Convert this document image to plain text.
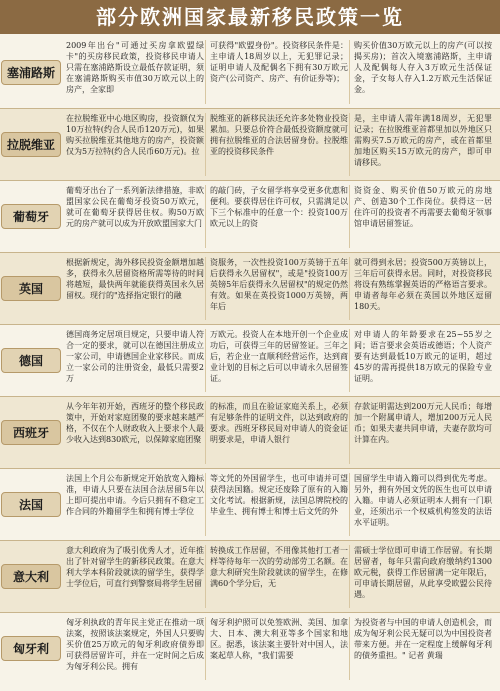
部分欧洲国家最新移民政策一览
塞浦路斯
2009年出台"可通过买房拿欧盟绿卡"的买房移民政策，投资移民申请人只需在塞浦路斯设立最低存款证明，须在塞浦路斯购买市值30万欧元以上的房产，全家即
可获得"欧盟身份"。投资移民条件是：主申请人18周岁以上，无犯罪记录；证明申请人及配偶名下拥有30万欧元资产(公司资产、房产、有价证券等)；
购买价值30万欧元以上的房产(可以按揭买房)；首次入境塞浦路斯，主申请人及配偶每人存入3万欧元生活保证金，子女每人存入1.2万欧元生活保证金。
拉脱维亚
在拉脱维亚中心地区购房，投资额仅为10万拉特(约合人民币120万元)，如果购买拉脱维亚其他地方的房产，投资额仅为5万拉特(约合人民币60万元)。拉
脱维亚的新移民法还允许多处物业投资累加。只要总价符合最低投资额度就可拥有拉脱维亚的合法居留身份。拉脱维亚的投资移民条件
是，主申请人需年满18周岁，无犯罪记录；在拉脱维亚首都里加以外地区只需购买7.5万欧元的房产，或在首都里加地区购买15万欧元的房产，即可申请移民。
葡萄牙
葡萄牙出台了一系列新法律措施，非欧盟国家公民在葡萄牙投资50万欧元，就可在葡萄牙获得居住权。购50万欧元的房产就可以成为开放欧盟国家大门
的敲门砖，子女留学将享受更多优惠和便利。要获得居住许可权，只需满足以下三个标准中的任意一个：投资100万欧元以上的资
资资金、购买价值50万欧元的房地产、创造30个工作岗位。获得这一居住许可的投资者不再需要去葡萄牙领事馆申请居留签证。
英国
根据新规定，海外移民投资金额增加越多，获得永久居留资格所需等待的时间将越短，最快两年就能获得英国永久居留权。现行的"选择指定银行的融
资服务，一次性投资100万英镑于五年后获得永久居留权"，或是"投资100万英镑5年后获得永久居留权"的规定仍然有效。如果在英投资1000万英镑，两年后
就可得到永居；投资500万英镑以上，三年后可获得永居。同时，对投资移民将设有熟练掌握英语的严格语言要求。申请者每年必须在英国以外地区逗留180天。
德国
德国商务定居项目规定，只要申请人符合一定的要求，就可以在德国注册成立一家公司，申请德国企业家移民。而成立一家公司的注册资金，最低只需要2万
万欧元。投资人在本地开创一个企业成功后，可获得三年的居留签证。三年之后，若企业一直顺利经营运作，达到商业计划的目标之后可以申请永久居留签证。
对申请人的年龄要求在25~55岁之间；语言要求会英语或德语；个人资产要有达到最低10万欧元的证明，超过45岁的需再提供18万欧元的保险专业证明。
西班牙
从今年年初开始，西班牙的整个移民政策中，开始对家庭团聚的要求越来越严格，不仅在个人财政收入上要求个人最少收入达到830欧元，以保障家庭团聚
的标准，而且在验证家庭关系上，必须有足够条件的证明文件，以达到政府的要求。西班牙移民局对申请人的资金证明要求是，申请人银行
存款证明需达到200万元人民币；每增加一个附属申请人，增加200万元人民币；如果夫妻共同申请，夫妻存款均可计算在内。
法国
法国上个月公布新规定开始放宽入籍标准，申请人只要在法国合法居留5年以上即可提出申请。今后只拥有不稳定工作合同的外籍留学生和拥有博士学位
等文凭的外国留学生，也可申请并可望获得法国籍。规定还废除了原有的入籍文化考试。根据新规，法国总牌院校的毕业生、拥有博士和博士后文凭的外
国留学生申请入籍可以得到优先考虑。另外，拥有外国文凭的医生也可以申请入籍。申请人必须证明本人拥有一门职业，还须出示一个权威机构签发的法语水平证明。
意大利
意大利政府为了吸引优秀人才，近年推出了针对留学生的新移民政策。在意大利大学本科阶段就读的留学生，获得学士学位后，可直行到警察局将学生居留
转换成工作居留，不用像其他打工者一样等待每年一次的劳动部劳工名额。在意大利研究生阶段就读的留学生，在修满60个学分后，无
需硕士学位即可申请工作居留。有长期居留者，每年只需向政府缴纳约1300欧元税，获得工作居留满一定年限后，可申请长期居留，从此享受欧盟公民待遇。
匈牙利
匈牙利执政的青年民主党正在推动一项法案，按照该法案规定，外国人只要购买价值25万欧元的匈牙利政府债券即可获得居留许可，并在一定时间之后成为匈牙利公民。拥有
匈牙利护照可以免签欧洲、美国、加拿大、日本、澳大利亚等多个国家和地区。据悉，该法案主要针对中国人，法案起草人称，"我们需要
为投资者与中国的申请人创造机会，而成为匈牙利公民无疑可以为中国投资者带来方便。并在一定程度上缓解匈牙利的债务重担。" 记者 黄瑞
